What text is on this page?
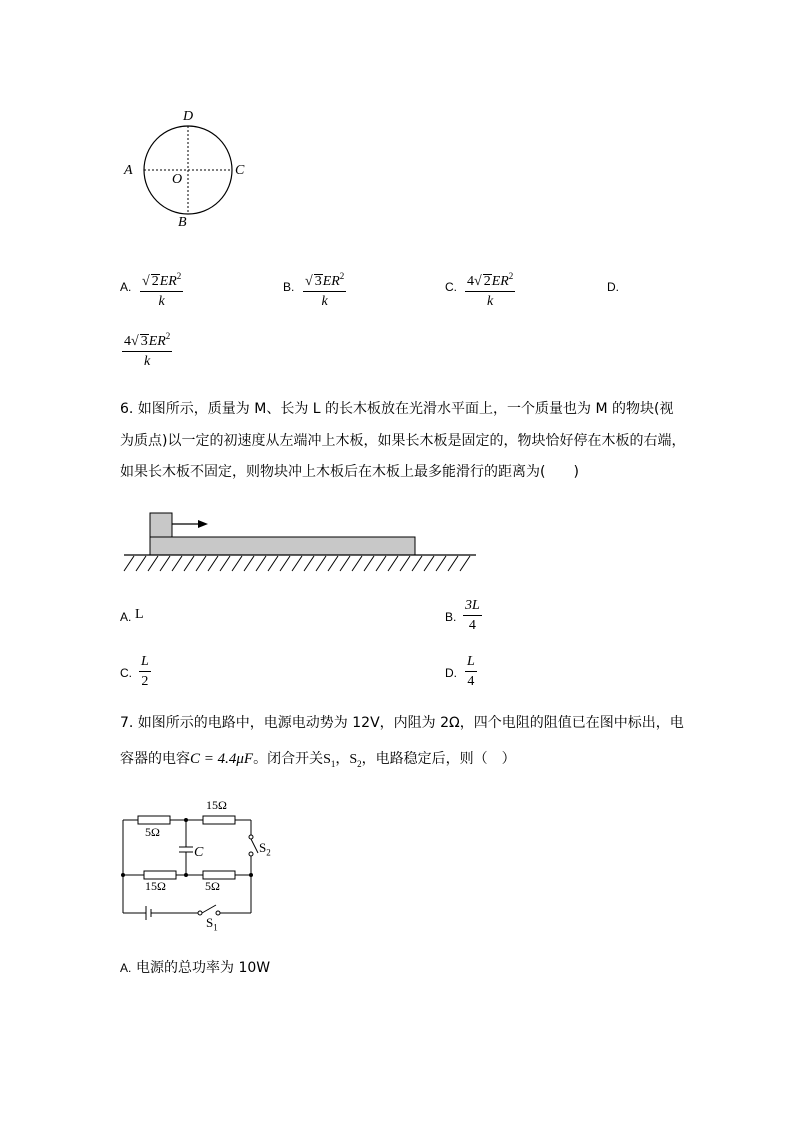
D
A
O
C
B
A. $\frac{√ 2ER^2}{k}$	B. $\frac{√ 3ER^2}{k}$	C. $\frac{4√ 2ER^2}{k}$	D.
$\frac{4√ 3ER^2}{k}$
6. 如图所示，质量为 M、长为 L 的长木板放在光滑水平面上，一个质量也为 M 的物块(视
为质点)以一定的初速度从左端冲上木板，如果长木板是固定的，物块恰好停在木板的右端，
如果长木板不固定，则物块冲上木板后在木板上最多能滑行的距离为(　　)
A. L	B. $\frac{3L}{4}$
C. $\frac{L}{2}$	D. $\frac{L}{4}$
7. 如图所示的电路中，电源电动势为 12V，内阻为 2Ω，四个电阻的阻值已在图中标出，电
容器的电容C = 4.4μF。闭合开关$S_1$，$S_2$，电路稳定后，则（　）
15Ω
5Ω
C	$S_2$
15Ω	5Ω
$S_1$
A. 电源的总功率为 10W
